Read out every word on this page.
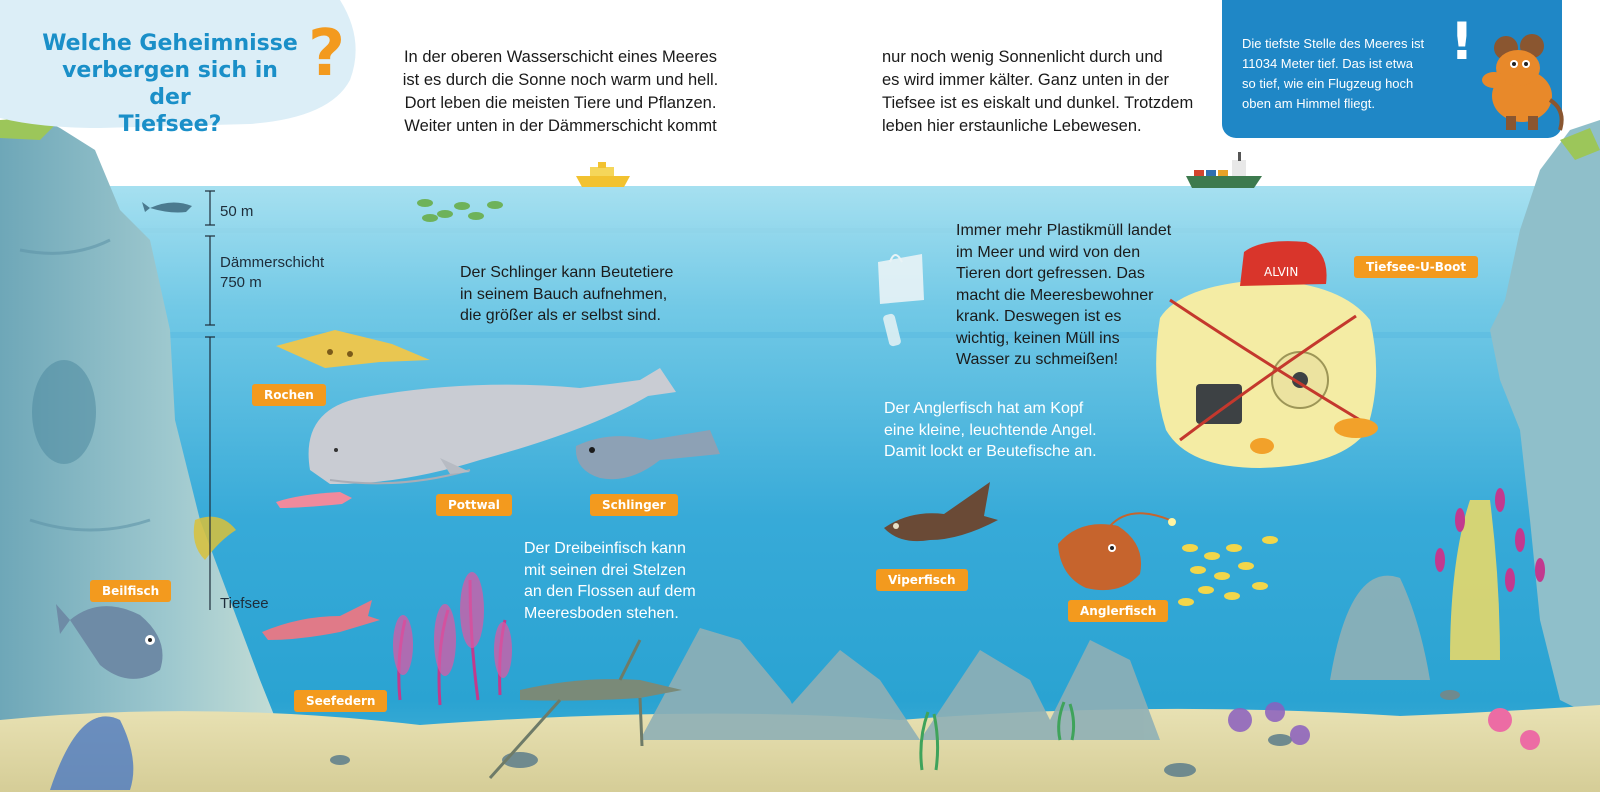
ALVIN
Welche Geheimnisse
verbergen sich in der
Tiefsee?
?	In der oberen Wasserschicht eines Meeres
ist es durch die Sonne noch warm und hell.
Dort leben die meisten Tiere und Pflanzen.
Weiter unten in der Dämmerschicht kommt
nur noch wenig Sonnenlicht durch und
es wird immer kälter. Ganz unten in der
Tiefsee ist es eiskalt und dunkel. Trotzdem
leben hier erstaunliche Lebewesen.
Die tiefste Stelle des Meeres ist
11034 Meter tief. Das ist etwa
so tief, wie ein Flugzeug hoch
oben am Himmel fliegt.
!
50 m
Dämmerschicht
750 m
Tiefsee
Der Schlinger kann Beutetiere
in seinem Bauch aufnehmen,
die größer als er selbst sind.
Immer mehr Plastikmüll landet
im Meer und wird von den
Tieren dort gefressen. Das
macht die Meeresbewohner
krank. Deswegen ist es
wichtig, keinen Müll ins
Wasser zu schmeißen!
Der Anglerfisch hat am Kopf
eine kleine, leuchtende Angel.
Damit lockt er Beutefische an.
Der Dreibeinfisch kann
mit seinen drei Stelzen
an den Flossen auf dem
Meeresboden stehen.
Rochen
Pottwal	Schlinger
Beilfisch
Seefedern
Viperfisch
Anglerfisch
Tiefsee-U-Boot
